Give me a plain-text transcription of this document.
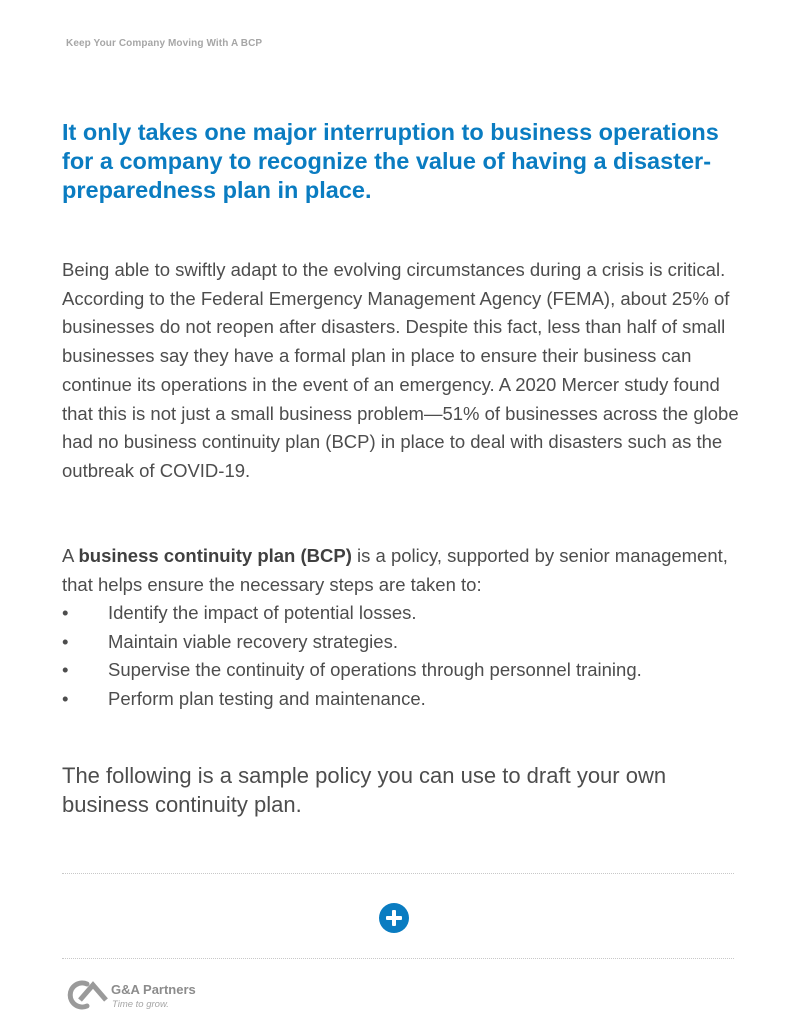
Keep Your Company Moving With A BCP
It only takes one major interruption to business operations for a company to recognize the value of having a disaster-preparedness plan in place.

Being able to swiftly adapt to the evolving circumstances during a crisis is critical. According to the Federal Emergency Management Agency (FEMA), about 25% of businesses do not reopen after disasters. Despite this fact, less than half of small businesses say they have a formal plan in place to ensure their business can continue its operations in the event of an emergency. A 2020 Mercer study found that this is not just a small business problem—51% of businesses across the globe had no business continuity plan (BCP) in place to deal with disasters such as the outbreak of COVID-19.

A business continuity plan (BCP) is a policy, supported by senior management, that helps ensure the necessary steps are taken to:

• Identify the impact of potential losses.
• Maintain viable recovery strategies.
• Supervise the continuity of operations through personnel training.
• Perform plan testing and maintenance.

The following is a sample policy you can use to draft your own business continuity plan.

G&A Partners
Time to grow.
